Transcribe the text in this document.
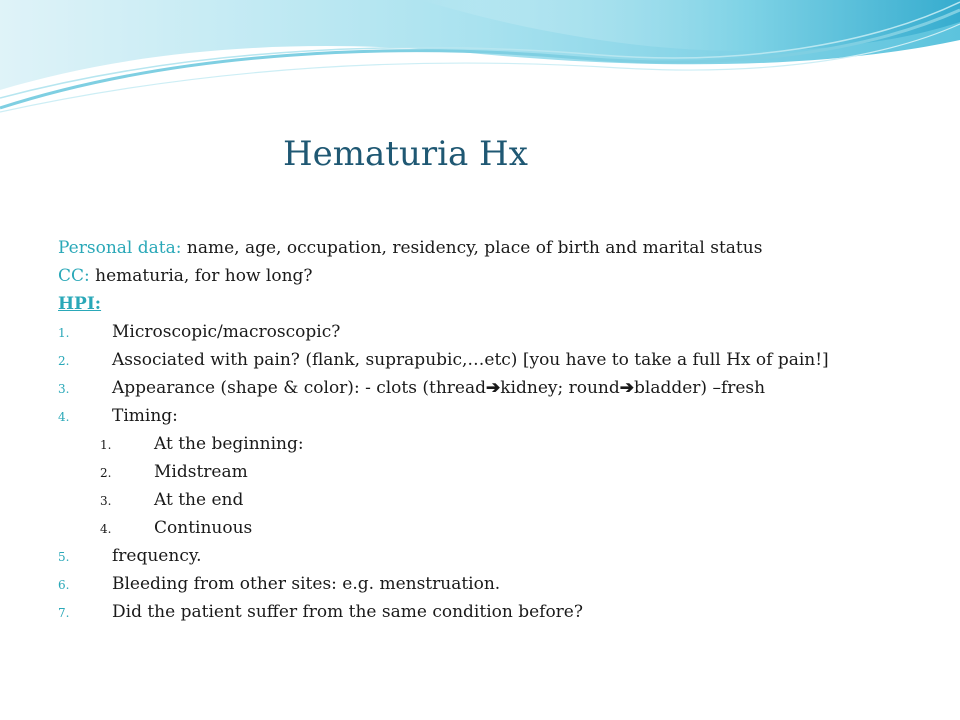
Hematuria Hx
Personal data: name, age, occupation, residency, place of birth and marital status
CC: hematuria, for how long?
HPI:
1.	Microscopic/macroscopic?
2.	Associated with pain? (flank, suprapubic,…etc) [you have to take a full Hx of pain!]
3.	Appearance (shape & color): - clots (thread➔kidney; round➔bladder) –fresh
4.	Timing:
1.	At the beginning:
2.	Midstream
3.	At the end
4.	Continuous
5.	frequency.
6.	Bleeding from other sites: e.g. menstruation.
7.	Did the patient suffer from the same condition before?
